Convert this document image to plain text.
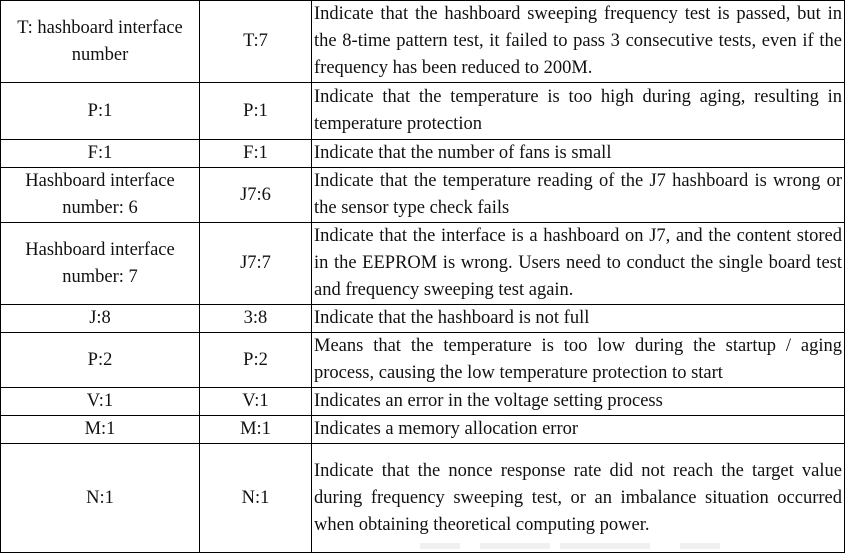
T: hashboard interface number	T:7	Indicate that the hashboard sweeping frequency test is passed, but in the 8-time pattern test, it failed to pass 3 consecutive tests, even if the frequency has been reduced to 200M.
P:1	P:1	Indicate that the temperature is too high during aging, resulting in temperature protection
F:1	F:1	Indicate that the number of fans is small
Hashboard interface number: 6	J7:6	Indicate that the temperature reading of the J7 hashboard is wrong or the sensor type check fails
Hashboard interface number: 7	J7:7	Indicate that the interface is a hashboard on J7, and the content stored in the EEPROM is wrong. Users need to conduct the single board test and frequency sweeping test again.
J:8	3:8	Indicate that the hashboard is not full
P:2	P:2	Means that the temperature is too low during the startup / aging process, causing the low temperature protection to start
V:1	V:1	Indicates an error in the voltage setting process
M:1	M:1	Indicates a memory allocation error
N:1	N:1	Indicate that the nonce response rate did not reach the target value during frequency sweeping test, or an imbalance situation occurred when obtaining theoretical computing power.
